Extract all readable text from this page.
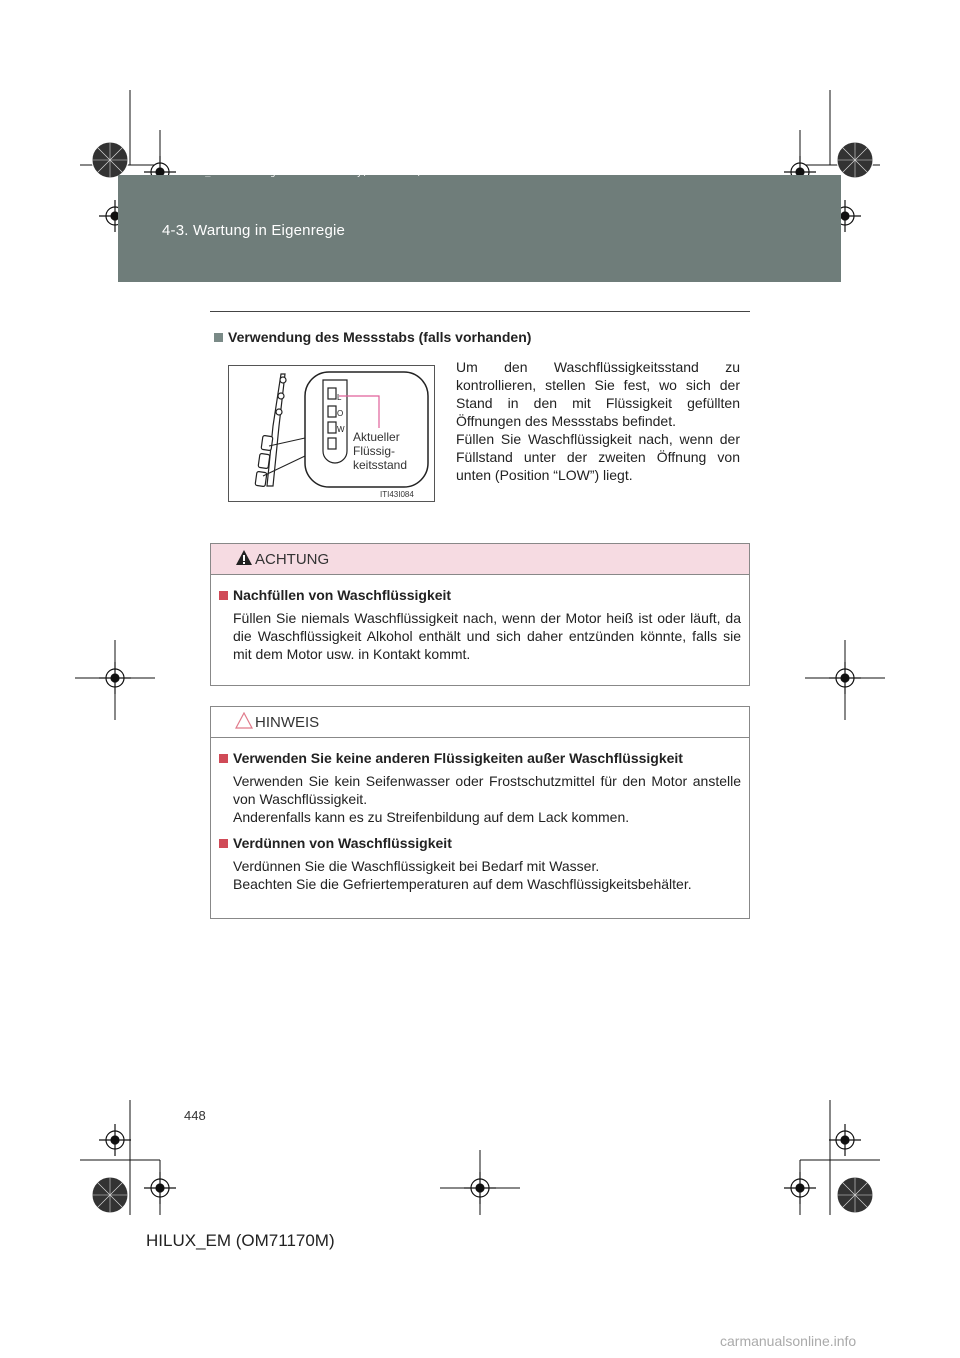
HILUX_EM.book  Page 448  Wednesday, March 23, 2011  2:48 PM
4-3. Wartung in Eigenregie
Verwendung des Messstabs (falls vorhanden)
L
O
W
Aktueller
Flüssig-
keitsstand
ITI43I084
Um den Waschflüssigkeitsstand zu kontrollieren, stellen Sie fest, wo sich der Stand in den mit Flüssigkeit gefüllten Öffnungen des Messstabs befindet.
Füllen Sie Waschflüssigkeit nach, wenn der Füllstand unter der zweiten Öffnung von unten (Position “LOW”) liegt.
ACHTUNG
Nachfüllen von Waschflüssigkeit
Füllen Sie niemals Waschflüssigkeit nach, wenn der Motor heiß ist oder läuft, da die Waschflüssigkeit Alkohol enthält und sich daher entzünden könnte, falls sie mit dem Motor usw. in Kontakt kommt.
HINWEIS
Verwenden Sie keine anderen Flüssigkeiten außer Waschflüssigkeit
Verwenden Sie kein Seifenwasser oder Frostschutzmittel für den Motor anstelle von Waschflüssigkeit.
Anderenfalls kann es zu Streifenbildung auf dem Lack kommen.
Verdünnen von Waschflüssigkeit
Verdünnen Sie die Waschflüssigkeit bei Bedarf mit Wasser.
Beachten Sie die Gefriertemperaturen auf dem Waschflüssigkeitsbehälter.
448
HILUX_EM (OM71170M)
carmanualsonline.info
